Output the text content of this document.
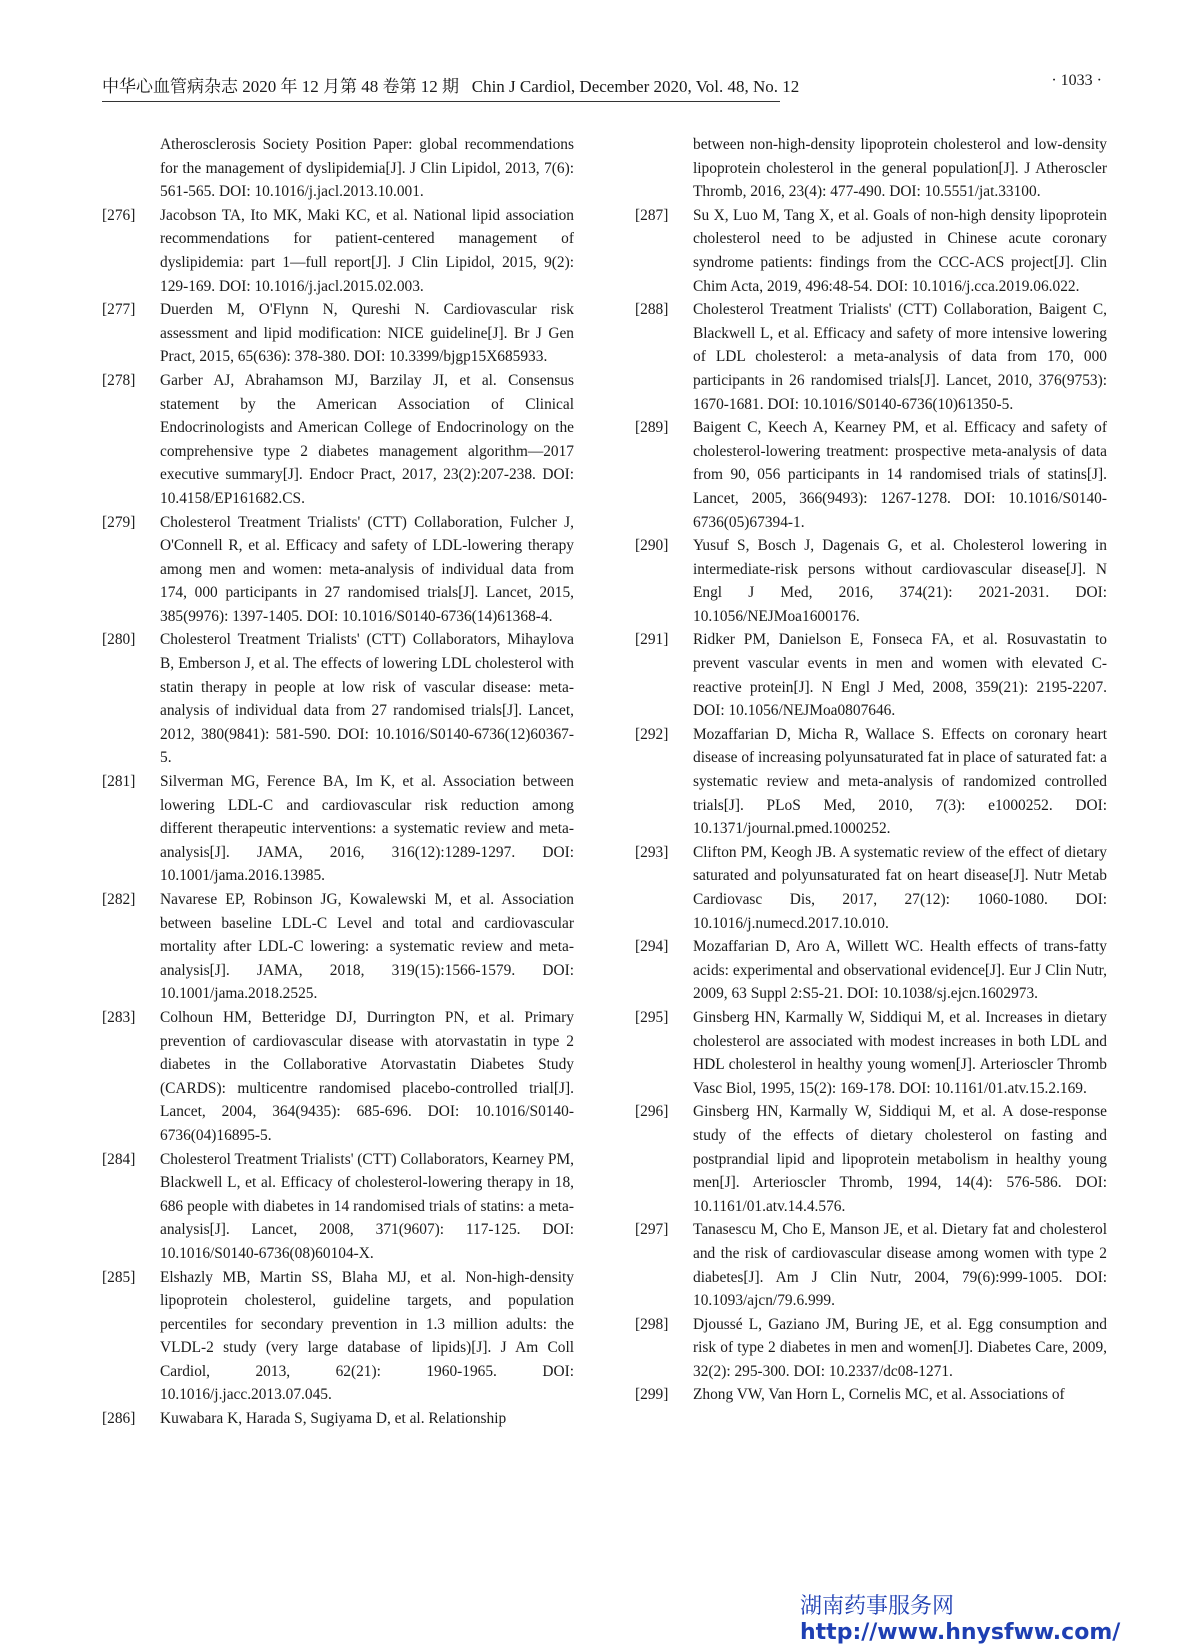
中华心血管病杂志 2020 年 12 月第 48 卷第 12 期 Chin J Cardiol, December 2020, Vol. 48, No. 12	· 1033 ·
Atherosclerosis Society Position Paper: global recommendations for the management of dyslipidemia[J]. J Clin Lipidol, 2013, 7(6): 561-565. DOI: 10.1016/j.jacl.2013.10.001.
[276]	Jacobson TA, Ito MK, Maki KC, et al. National lipid association recommendations for patient-centered management of dyslipidemia: part 1—full report[J]. J Clin Lipidol, 2015, 9(2): 129-169. DOI: 10.1016/j.jacl.2015.02.003.
[277]	Duerden M, O'Flynn N, Qureshi N. Cardiovascular risk assessment and lipid modification: NICE guideline[J]. Br J Gen Pract, 2015, 65(636): 378-380. DOI: 10.3399/bjgp15X685933.
[278]	Garber AJ, Abrahamson MJ, Barzilay JI, et al. Consensus statement by the American Association of Clinical Endocrinologists and American College of Endocrinology on the comprehensive type 2 diabetes management algorithm—2017 executive summary[J]. Endocr Pract, 2017, 23(2):207-238. DOI: 10.4158/EP161682.CS.
[279]	Cholesterol Treatment Trialists' (CTT) Collaboration, Fulcher J, O'Connell R, et al. Efficacy and safety of LDL-lowering therapy among men and women: meta-analysis of individual data from 174, 000 participants in 27 randomised trials[J]. Lancet, 2015, 385(9976): 1397-1405. DOI: 10.1016/S0140-6736(14)61368-4.
[280]	Cholesterol Treatment Trialists' (CTT) Collaborators, Mihaylova B, Emberson J, et al. The effects of lowering LDL cholesterol with statin therapy in people at low risk of vascular disease: meta-analysis of individual data from 27 randomised trials[J]. Lancet, 2012, 380(9841): 581-590. DOI: 10.1016/S0140-6736(12)60367-5.
[281]	Silverman MG, Ference BA, Im K, et al. Association between lowering LDL-C and cardiovascular risk reduction among different therapeutic interventions: a systematic review and meta-analysis[J]. JAMA, 2016, 316(12):1289-1297. DOI: 10.1001/jama.2016.13985.
[282]	Navarese EP, Robinson JG, Kowalewski M, et al. Association between baseline LDL-C Level and total and cardiovascular mortality after LDL-C lowering: a systematic review and meta-analysis[J]. JAMA, 2018, 319(15):1566-1579. DOI: 10.1001/jama.2018.2525.
[283]	Colhoun HM, Betteridge DJ, Durrington PN, et al. Primary prevention of cardiovascular disease with atorvastatin in type 2 diabetes in the Collaborative Atorvastatin Diabetes Study (CARDS): multicentre randomised placebo-controlled trial[J]. Lancet, 2004, 364(9435): 685-696. DOI: 10.1016/S0140-6736(04)16895-5.
[284]	Cholesterol Treatment Trialists' (CTT) Collaborators, Kearney PM, Blackwell L, et al. Efficacy of cholesterol-lowering therapy in 18, 686 people with diabetes in 14 randomised trials of statins: a meta-analysis[J]. Lancet, 2008, 371(9607): 117-125. DOI: 10.1016/S0140-6736(08)60104-X.
[285]	Elshazly MB, Martin SS, Blaha MJ, et al. Non-high-density lipoprotein cholesterol, guideline targets, and population percentiles for secondary prevention in 1.3 million adults: the VLDL-2 study (very large database of lipids)[J]. J Am Coll Cardiol, 2013, 62(21): 1960-1965. DOI: 10.1016/j.jacc.2013.07.045.
[286]	Kuwabara K, Harada S, Sugiyama D, et al. Relationship
between non-high-density lipoprotein cholesterol and low-density lipoprotein cholesterol in the general population[J]. J Atheroscler Thromb, 2016, 23(4): 477-490. DOI: 10.5551/jat.33100.
[287]	Su X, Luo M, Tang X, et al. Goals of non-high density lipoprotein cholesterol need to be adjusted in Chinese acute coronary syndrome patients: findings from the CCC-ACS project[J]. Clin Chim Acta, 2019, 496:48-54. DOI: 10.1016/j.cca.2019.06.022.
[288]	Cholesterol Treatment Trialists' (CTT) Collaboration, Baigent C, Blackwell L, et al. Efficacy and safety of more intensive lowering of LDL cholesterol: a meta-analysis of data from 170, 000 participants in 26 randomised trials[J]. Lancet, 2010, 376(9753): 1670-1681. DOI: 10.1016/S0140-6736(10)61350-5.
[289]	Baigent C, Keech A, Kearney PM, et al. Efficacy and safety of cholesterol-lowering treatment: prospective meta-analysis of data from 90, 056 participants in 14 randomised trials of statins[J]. Lancet, 2005, 366(9493): 1267-1278. DOI: 10.1016/S0140-6736(05)67394-1.
[290]	Yusuf S, Bosch J, Dagenais G, et al. Cholesterol lowering in intermediate-risk persons without cardiovascular disease[J]. N Engl J Med, 2016, 374(21): 2021-2031. DOI: 10.1056/NEJMoa1600176.
[291]	Ridker PM, Danielson E, Fonseca FA, et al. Rosuvastatin to prevent vascular events in men and women with elevated C-reactive protein[J]. N Engl J Med, 2008, 359(21): 2195-2207. DOI: 10.1056/NEJMoa0807646.
[292]	Mozaffarian D, Micha R, Wallace S. Effects on coronary heart disease of increasing polyunsaturated fat in place of saturated fat: a systematic review and meta-analysis of randomized controlled trials[J]. PLoS Med, 2010, 7(3): e1000252. DOI: 10.1371/journal.pmed.1000252.
[293]	Clifton PM, Keogh JB. A systematic review of the effect of dietary saturated and polyunsaturated fat on heart disease[J]. Nutr Metab Cardiovasc Dis, 2017, 27(12): 1060-1080. DOI: 10.1016/j.numecd.2017.10.010.
[294]	Mozaffarian D, Aro A, Willett WC. Health effects of trans-fatty acids: experimental and observational evidence[J]. Eur J Clin Nutr, 2009, 63 Suppl 2:S5-21. DOI: 10.1038/sj.ejcn.1602973.
[295]	Ginsberg HN, Karmally W, Siddiqui M, et al. Increases in dietary cholesterol are associated with modest increases in both LDL and HDL cholesterol in healthy young women[J]. Arterioscler Thromb Vasc Biol, 1995, 15(2): 169-178. DOI: 10.1161/01.atv.15.2.169.
[296]	Ginsberg HN, Karmally W, Siddiqui M, et al. A dose-response study of the effects of dietary cholesterol on fasting and postprandial lipid and lipoprotein metabolism in healthy young men[J]. Arterioscler Thromb, 1994, 14(4): 576-586. DOI: 10.1161/01.atv.14.4.576.
[297]	Tanasescu M, Cho E, Manson JE, et al. Dietary fat and cholesterol and the risk of cardiovascular disease among women with type 2 diabetes[J]. Am J Clin Nutr, 2004, 79(6):999-1005. DOI: 10.1093/ajcn/79.6.999.
[298]	Djoussé L, Gaziano JM, Buring JE, et al. Egg consumption and risk of type 2 diabetes in men and women[J]. Diabetes Care, 2009, 32(2): 295-300. DOI: 10.2337/dc08-1271.
[299]	Zhong VW, Van Horn L, Cornelis MC, et al. Associations of
湖南药事服务网
http://www.hnysfww.com/
